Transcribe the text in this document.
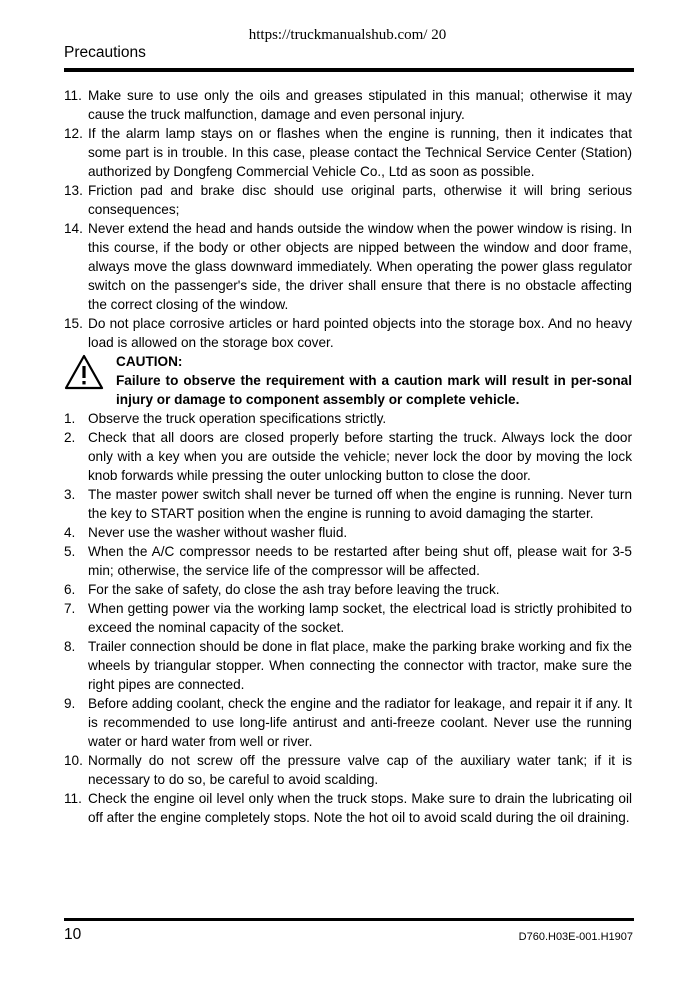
https://truckmanualshub.com/ 20
Precautions
11. Make sure to use only the oils and greases stipulated in this manual; otherwise it may cause the truck malfunction, damage and even personal injury.
12. If the alarm lamp stays on or flashes when the engine is running, then it indicates that some part is in trouble. In this case, please contact the Technical Service Center (Station) authorized by Dongfeng Commercial Vehicle Co., Ltd as soon as possible.
13. Friction pad and brake disc should use original parts, otherwise it will bring serious consequences;
14. Never extend the head and hands outside the window when the power window is rising. In this course, if the body or other objects are nipped between the window and door frame, always move the glass downward immediately. When operating the power glass regulator switch on the passenger's side, the driver shall ensure that there is no obstacle affecting the correct closing of the window.
15. Do not place corrosive articles or hard pointed objects into the storage box. And no heavy load is allowed on the storage box cover.
CAUTION:
Failure to observe the requirement with a caution mark will result in per-sonal injury or damage to component assembly or complete vehicle.
1. Observe the truck operation specifications strictly.
2. Check that all doors are closed properly before starting the truck. Always lock the door only with a key when you are outside the vehicle; never lock the door by moving the lock knob forwards while pressing the outer unlocking button to close the door.
3. The master power switch shall never be turned off when the engine is running. Never turn the key to START position when the engine is running to avoid damaging the starter.
4. Never use the washer without washer fluid.
5. When the A/C compressor needs to be restarted after being shut off, please wait for 3-5 min; otherwise, the service life of the compressor will be affected.
6. For the sake of safety, do close the ash tray before leaving the truck.
7. When getting power via the working lamp socket, the electrical load is strictly prohibited to exceed the nominal capacity of the socket.
8. Trailer connection should be done in flat place, make the parking brake working and fix the wheels by triangular stopper. When connecting the connector with tractor, make sure the right pipes are connected.
9. Before adding coolant, check the engine and the radiator for leakage, and repair it if any. It is recommended to use long-life antirust and anti-freeze coolant. Never use the running water or hard water from well or river.
10. Normally do not screw off the pressure valve cap of the auxiliary water tank; if it is necessary to do so, be careful to avoid scalding.
11. Check the engine oil level only when the truck stops. Make sure to drain the lubricating oil off after the engine completely stops. Note the hot oil to avoid scald during the oil draining.
10	D760.H03E-001.H1907
